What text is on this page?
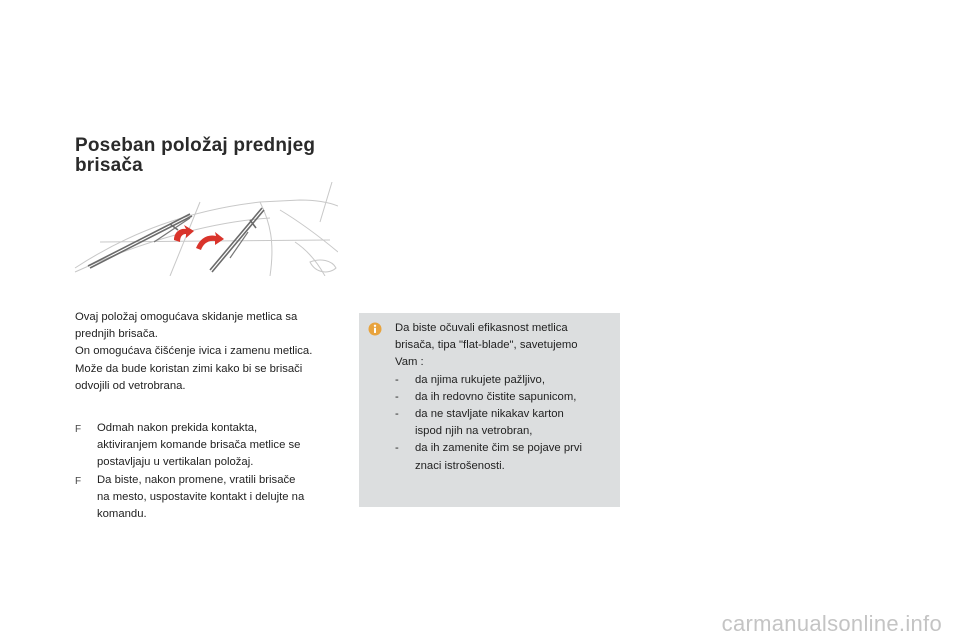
Poseban položaj prednjeg
brisača

Ovaj položaj omogućava skidanje metlica sa

prednjih brisača.

On omogućava čišćenje ivica i zamenu metlica.

Može da bude koristan zimi kako bi se brisači

odvojili od vetrobrana.

F	Odmah nakon prekida kontakta,
aktiviranjem komande brisača metlice se
postavljaju u vertikalan položaj.
F	Da biste, nakon promene, vratili brisače
na mesto, uspostavite kontakt i delujte na
komandu.

Da biste očuvali efikasnost metlica

brisača, tipa "flat-blade", savetujemo

Vam :

-	da njima rukujete pažljivo,
-	da ih redovno čistite sapunicom,
-	da ne stavljate nikakav karton
ispod njih na vetrobran,
-	da ih zamenite čim se pojave prvi
znaci istrošenosti.
carmanualsonline.info
